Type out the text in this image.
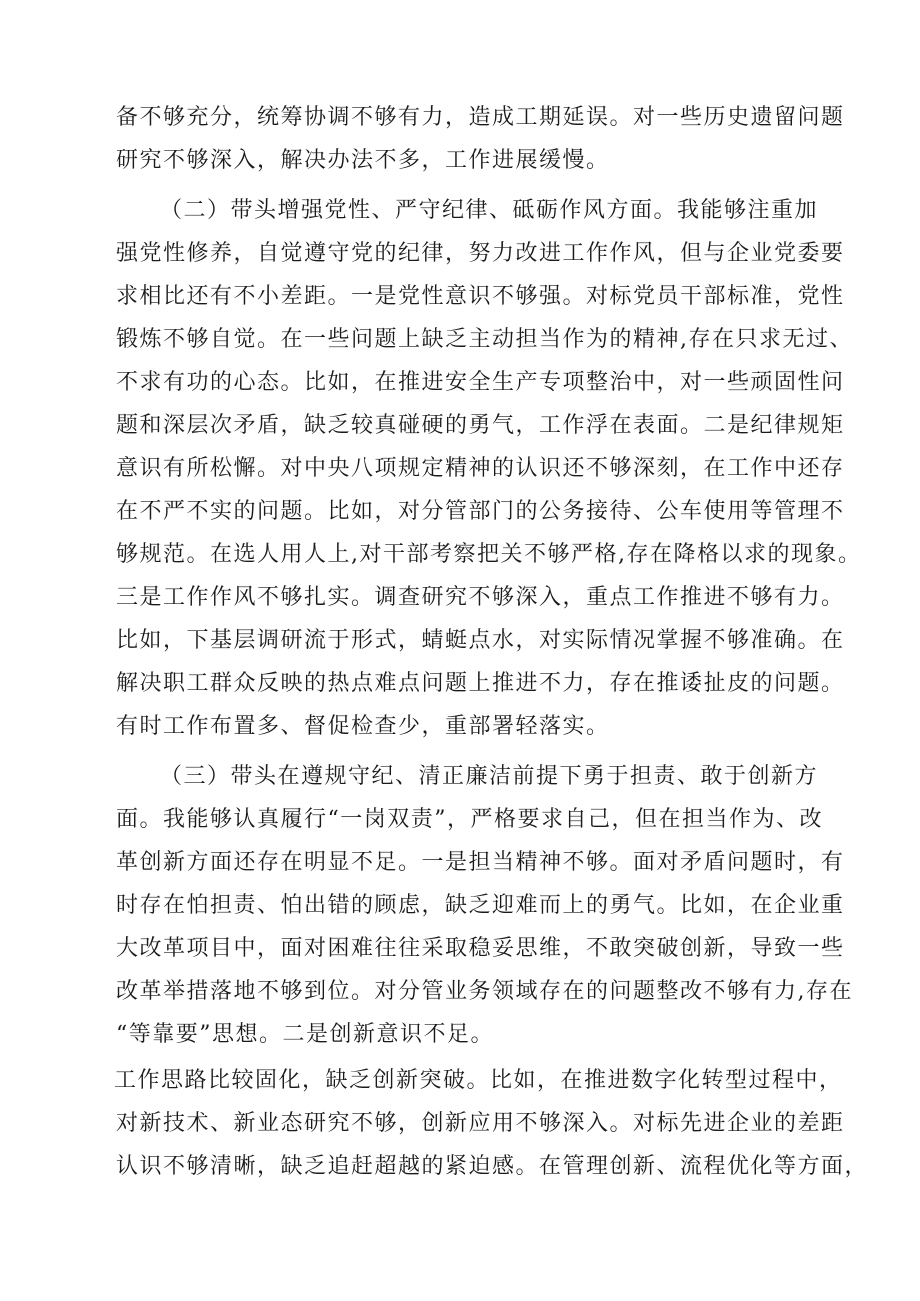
备不够充分，统筹协调不够有力，造成工期延误。对一些历史遗留问题

研究不够深入，解决办法不多，工作进展缓慢。

（二）带头增强党性、严守纪律、砥砺作风方面。我能够注重加

强党性修养，自觉遵守党的纪律，努力改进工作作风，但与企业党委要

求相比还有不小差距。一是党性意识不够强。对标党员干部标准，党性

锻炼不够自觉。在一些问题上缺乏主动担当作为的精神,存在只求无过、

不求有功的心态。比如，在推进安全生产专项整治中，对一些顽固性问

题和深层次矛盾，缺乏较真碰硬的勇气，工作浮在表面。二是纪律规矩

意识有所松懈。对中央八项规定精神的认识还不够深刻，在工作中还存

在不严不实的问题。比如，对分管部门的公务接待、公车使用等管理不

够规范。在选人用人上,对干部考察把关不够严格,存在降格以求的现象。

三是工作作风不够扎实。调查研究不够深入，重点工作推进不够有力。

比如，下基层调研流于形式，蜻蜓点水，对实际情况掌握不够准确。在

解决职工群众反映的热点难点问题上推进不力，存在推诿扯皮的问题。

有时工作布置多、督促检查少，重部署轻落实。

（三）带头在遵规守纪、清正廉洁前提下勇于担责、敢于创新方

面。我能够认真履行“一岗双责”，严格要求自己，但在担当作为、改

革创新方面还存在明显不足。一是担当精神不够。面对矛盾问题时，有

时存在怕担责、怕出错的顾虑，缺乏迎难而上的勇气。比如，在企业重

大改革项目中，面对困难往往采取稳妥思维，不敢突破创新，导致一些

改革举措落地不够到位。对分管业务领域存在的问题整改不够有力,存在

“等靠要”思想。二是创新意识不足。

工作思路比较固化，缺乏创新突破。比如，在推进数字化转型过程中，

对新技术、新业态研究不够，创新应用不够深入。对标先进企业的差距

认识不够清晰，缺乏追赶超越的紧迫感。在管理创新、流程优化等方面，
